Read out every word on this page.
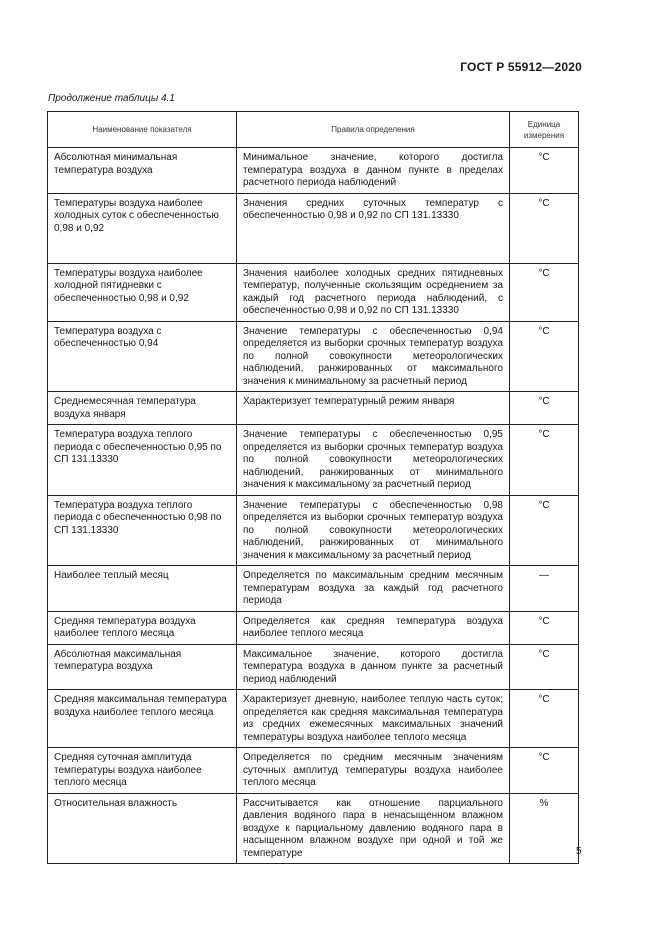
ГОСТ Р 55912—2020
Продолжение таблицы 4.1
Наименование показателя	Правила определения	Единица измерения
Абсолютная минимальная температура воздуха	Минимальное значение, которого достигла температура воздуха в данном пункте в пределах расчетного периода наблюдений	°С
Температуры воздуха наиболее холодных суток с обеспеченностью 0,98 и 0,92	Значения средних суточных температур с обеспеченностью 0,98 и 0,92 по СП 131.13330	°С
Температуры воздуха наиболее холодной пятидневки с обеспеченностью 0,98 и 0,92	Значения наиболее холодных средних пятидневных температур, полученные скользящим осреднением за каждый год расчетного периода наблюдений, с обеспеченностью 0,98 и 0,92 по СП 131.13330	°С
Температура воздуха с обеспеченностью 0,94	Значение температуры с обеспеченностью 0,94 определяется из выборки срочных температур воздуха по полной совокупности метеорологических наблюдений, ранжированных от максимального значения к минимальному за расчетный период	°С
Среднемесячная температура воздуха января	Характеризует температурный режим января	°С
Температура воздуха теплого периода с обеспеченностью 0,95 по СП 131.13330	Значение температуры с обеспеченностью 0,95 определяется из выборки срочных температур воздуха по полной совокупности метеорологических наблюдений, ранжированных от минимального значения к максимальному за расчетный период	°С
Температура воздуха теплого периода с обеспеченностью 0,98 по СП 131.13330	Значение температуры с обеспеченностью 0,98 определяется из выборки срочных температур воздуха по полной совокупности метеорологических наблюдений, ранжированных от минимального значения к максимальному за расчетный период	°С
Наиболее теплый месяц	Определяется по максимальным средним месячным температурам воздуха за каждый год расчетного периода	—
Средняя температура воздуха наиболее теплого месяца	Определяется как средняя температура воздуха наиболее теплого месяца	°С
Абсолютная максимальная температура воздуха	Максимальное значение, которого достигла температура воздуха в данном пункте за расчетный период наблюдений	°С
Средняя максимальная температура воздуха наиболее теплого месяца	Характеризует дневную, наиболее теплую часть суток; определяется как средняя максимальная температура из средних ежемесячных максимальных значений температуры воздуха наиболее теплого месяца	°С
Средняя суточная амплитуда температуры воздуха наиболее теплого месяца	Определяется по средним месячным значениям суточных амплитуд температуры воздуха наиболее теплого месяца	°С
Относительная влажность	Рассчитывается как отношение парциального давления водяного пара в ненасыщенном влажном воздухе к парциальному давлению водяного пара в насыщенном влажном воздухе при одной и той же температуре	%
5
